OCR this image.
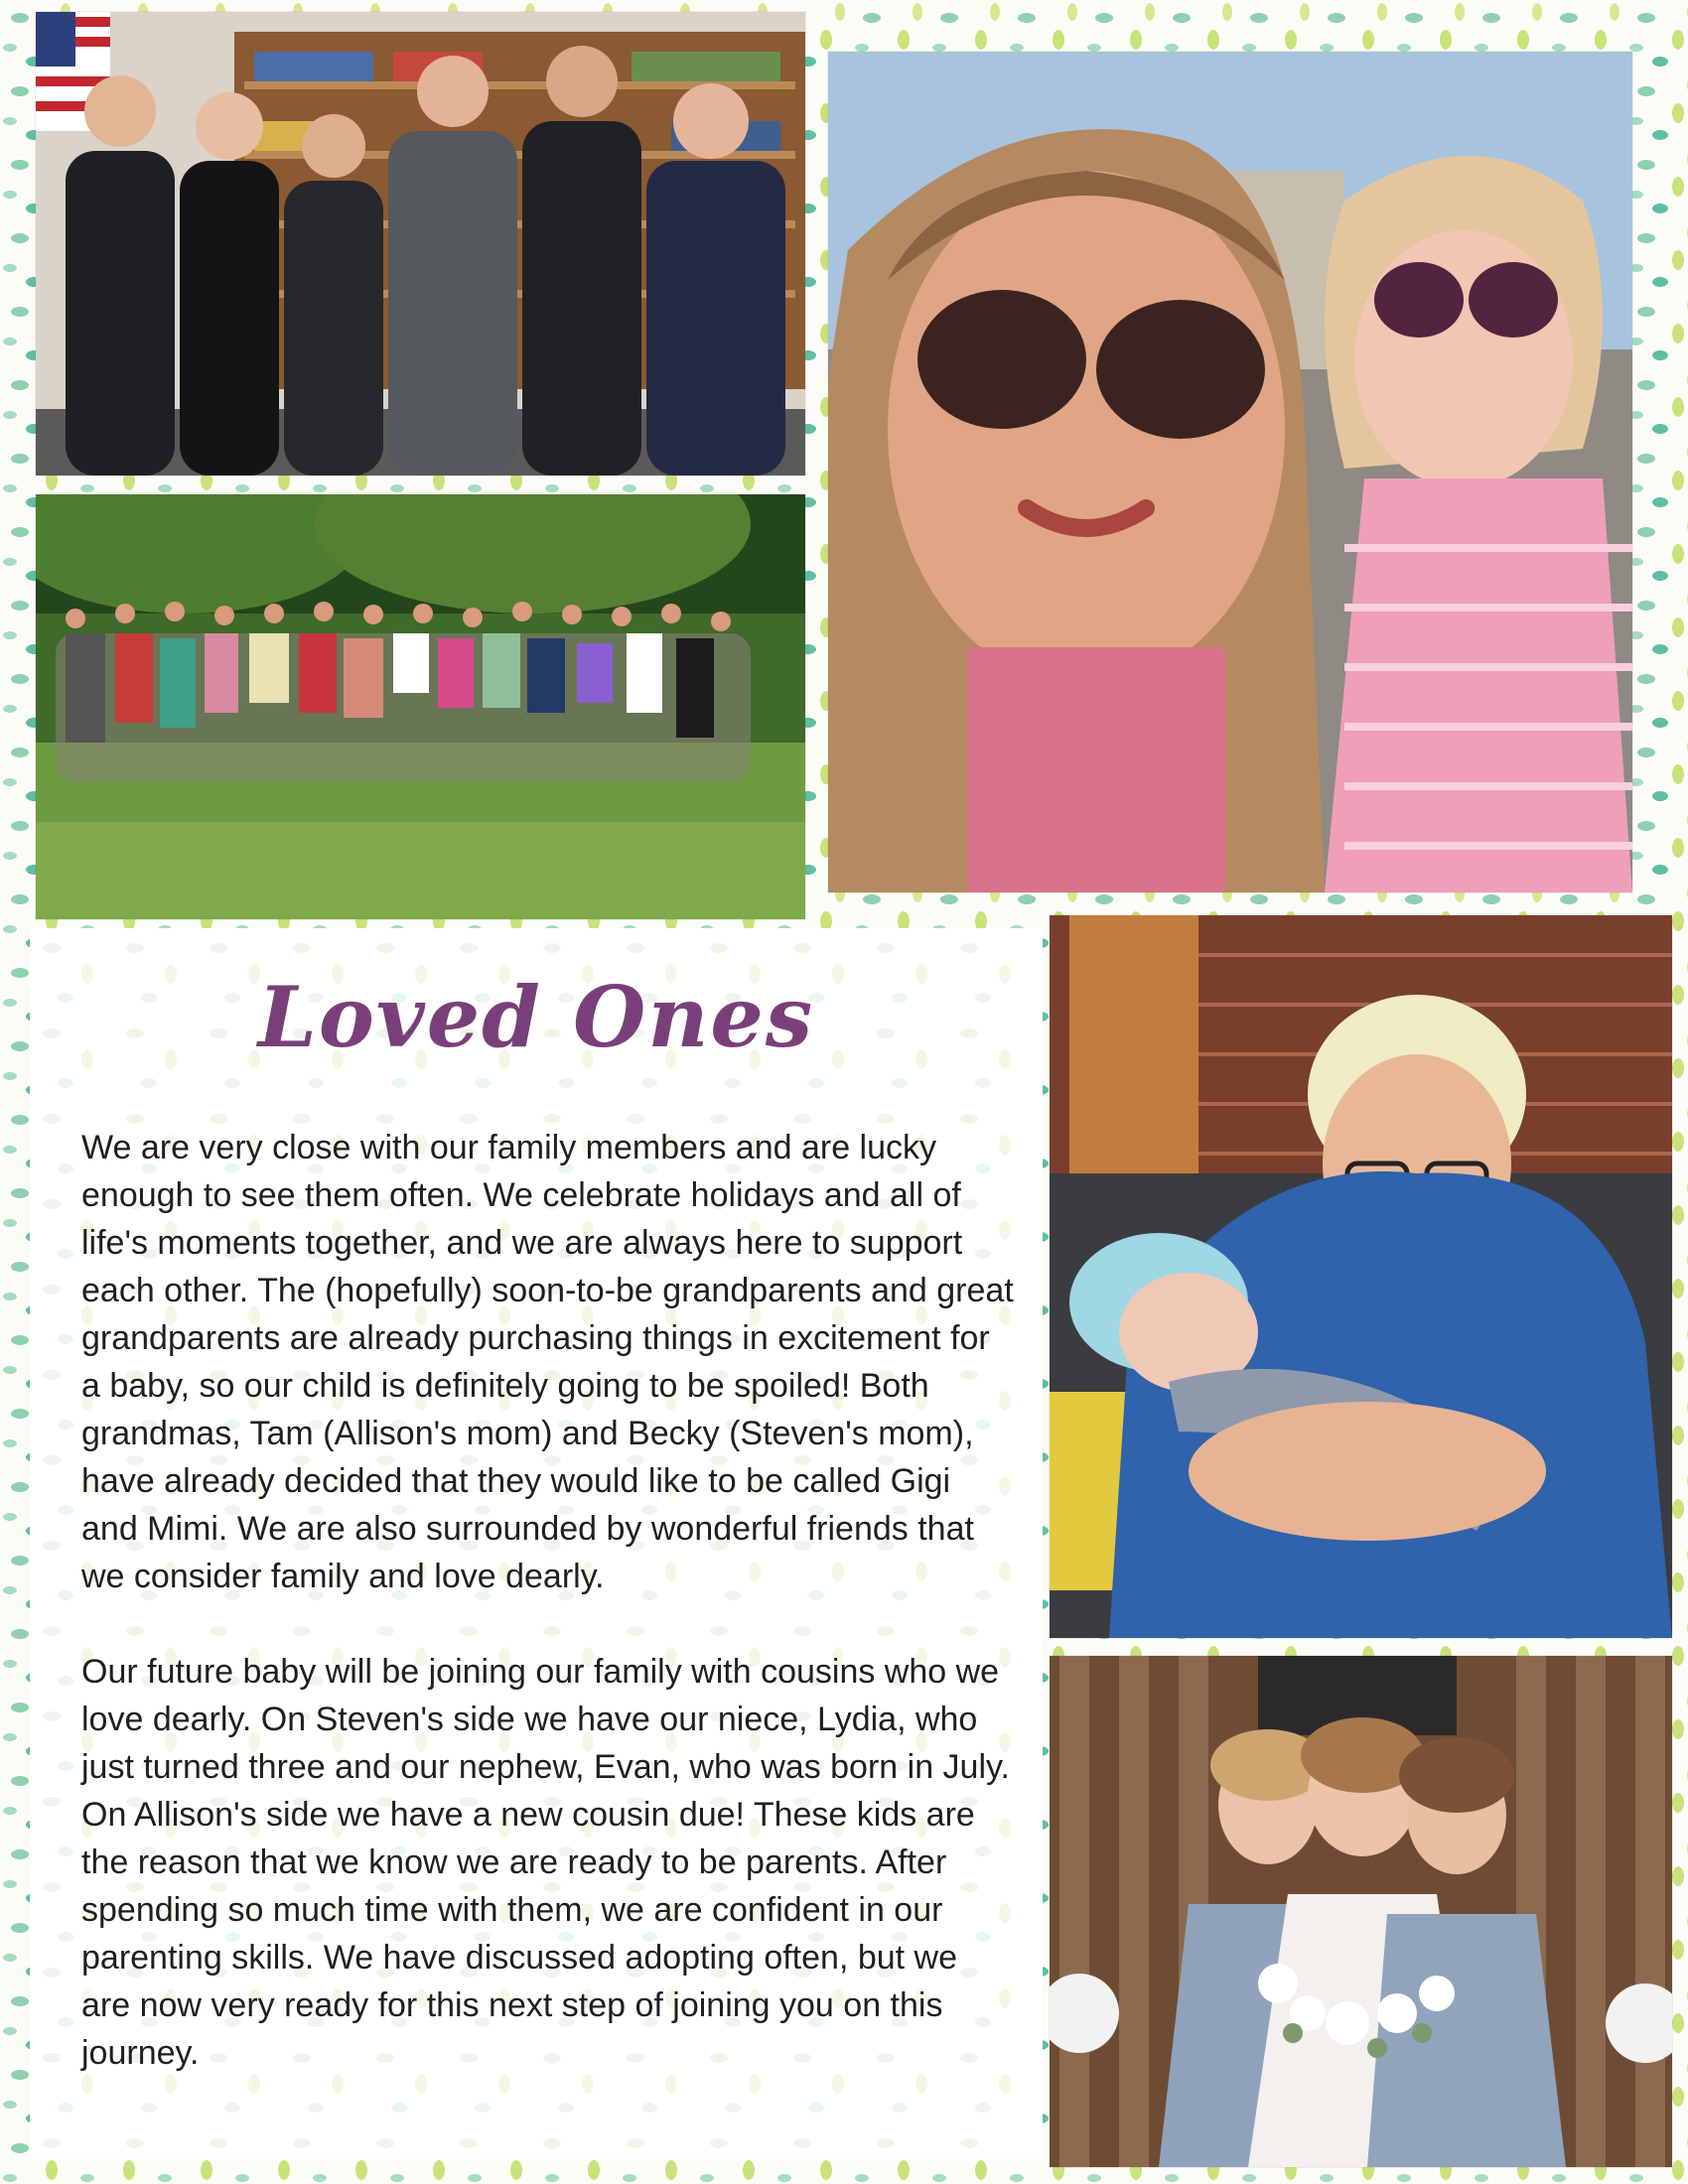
Loved Ones

We are very close with our family members and are lucky enough to see them often. We celebrate holidays and all of life's moments together, and we are always here to support each other. The (hopefully) soon-to-be grandparents and great grandparents are already purchasing things in excitement for a baby, so our child is definitely going to be spoiled! Both grandmas, Tam (Allison's mom) and Becky (Steven's mom), have already decided that they would like to be called Gigi and Mimi. We are also surrounded by wonderful friends that we consider family and love dearly.

Our future baby will be joining our family with cousins who we love dearly. On Steven's side we have our niece, Lydia, who just turned three and our nephew, Evan, who was born in July. On Allison's side we have a new cousin due! These kids are the reason that we know we are ready to be parents. After spending so much time with them, we are confident in our parenting skills. We have discussed adopting often, but we are now very ready for this next step of joining you on this journey.
